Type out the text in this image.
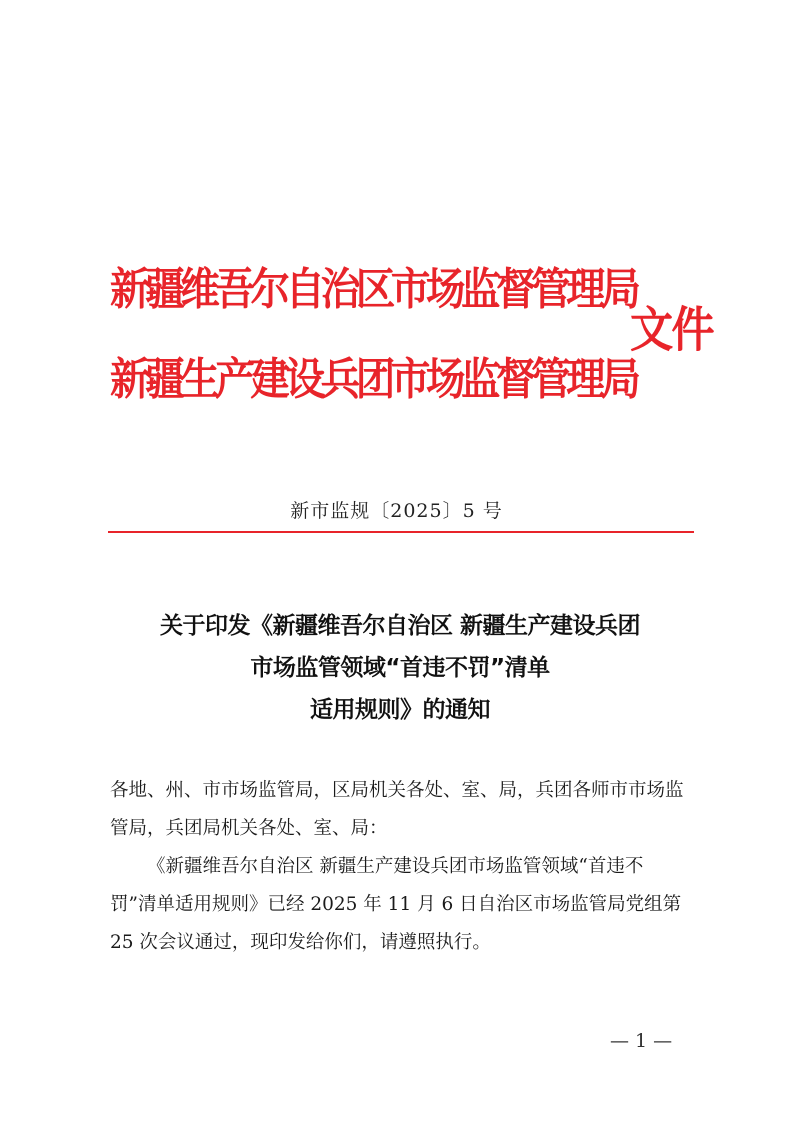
新疆维吾尔自治区市场监督管理局
新疆生产建设兵团市场监督管理局
文件
新市监规〔2025〕5 号
关于印发《新疆维吾尔自治区 新疆生产建设兵团
市场监管领域“首违不罚”清单
适用规则》的通知

各地、州、市市场监管局，区局机关各处、室、局，兵团各师市市场监管局，兵团局机关各处、室、局：

《新疆维吾尔自治区 新疆生产建设兵团市场监管领域“首违不罚”清单适用规则》已经 2025 年 11 月 6 日自治区市场监管局党组第 25 次会议通过，现印发给你们，请遵照执行。

— 1 —
